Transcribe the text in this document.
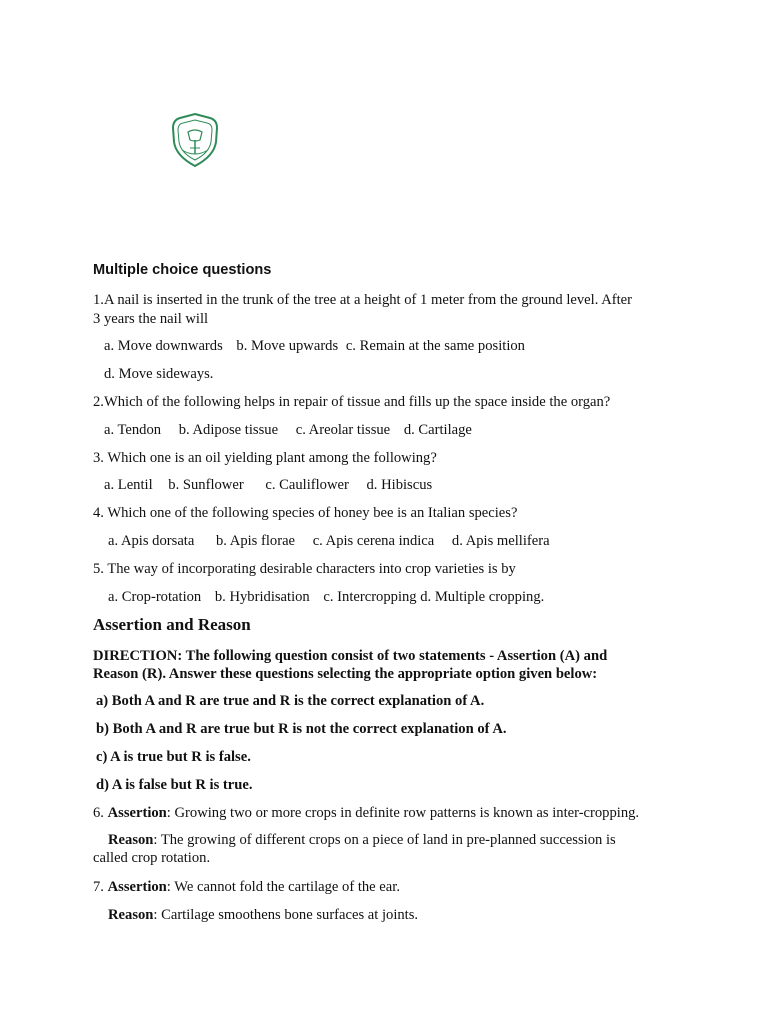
Multiple choice questions
1.A nail is inserted in the trunk of the tree at a height of 1 meter from the ground level. After
3 years the nail will
a. Move downwards b. Move upwards c. Remain at the same position
d. Move sideways.
2.Which of the following helps in repair of tissue and fills up the space inside the organ?
a. Tendon b. Adipose tissue c. Areolar tissue d. Cartilage
3. Which one is an oil yielding plant among the following?
a. Lentil b. Sunflower c. Cauliflower d. Hibiscus
4. Which one of the following species of honey bee is an Italian species?
a. Apis dorsata b. Apis florae c. Apis cerena indica d. Apis mellifera
5. The way of incorporating desirable characters into crop varieties is by
a. Crop-rotation b. Hybridisation c. Intercropping d. Multiple cropping.
Assertion and Reason
DIRECTION: The following question consist of two statements - Assertion (A) and
Reason (R). Answer these questions selecting the appropriate option given below:
a) Both A and R are true and R is the correct explanation of A.
b) Both A and R are true but R is not the correct explanation of A.
c) A is true but R is false.
d) A is false but R is true.
6. Assertion: Growing two or more crops in definite row patterns is known as inter-cropping.
Reason: The growing of different crops on a piece of land in pre-planned succession is
called crop rotation.
7. Assertion: We cannot fold the cartilage of the ear.
Reason: Cartilage smoothens bone surfaces at joints.
